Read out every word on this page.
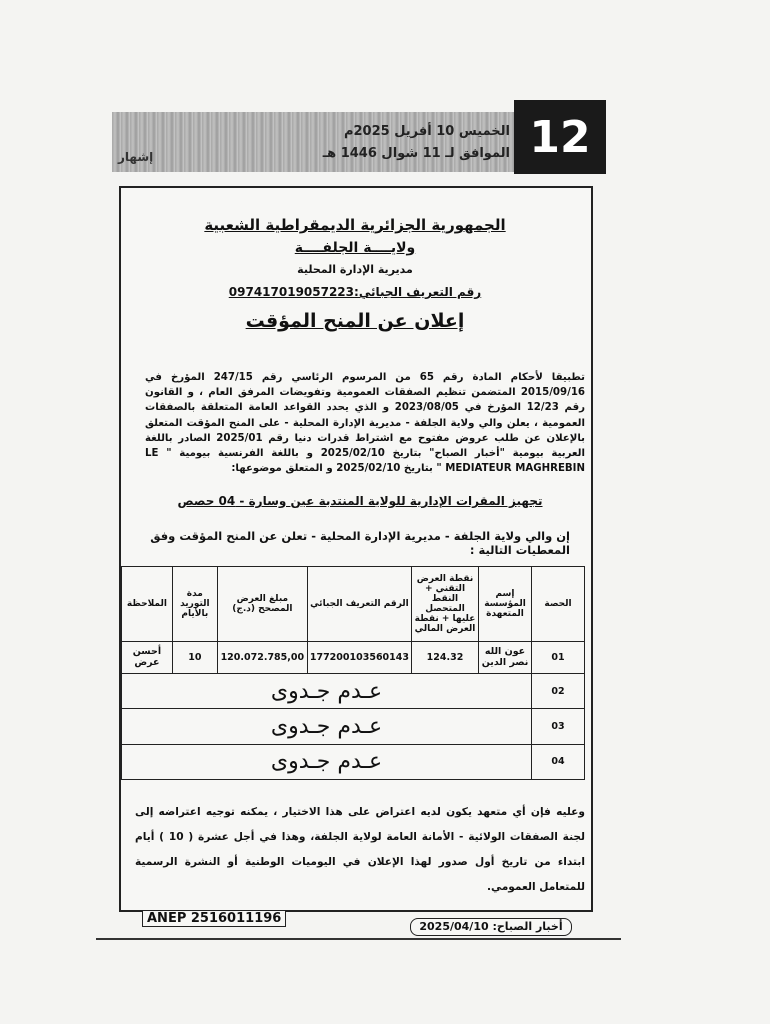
12
الخميس 10 أفريل 2025م
الموافق لـ 11 شوال 1446 هـ
إشهار
الجمهورية الجزائرية الديمقراطية الشعبية
ولايــــة الجلفــــة
مديرية الإدارة المحلية
رقم التعريف الجبائي:097417019057223
إعلان عن المنح المؤقت
تطبيقا لأحكام المادة رقم 65 من المرسوم الرئاسي رقم 247/15 المؤرخ في 2015/09/16 المتضمن تنظيم الصفقات العمومية وتفويضات المرفق العام ، و القانون رقم 12/23 المؤرخ في 2023/08/05 و الذي يحدد القواعد العامة المتعلقة بالصفقات العمومية ، يعلن والي ولاية الجلفة - مديرية الإدارة المحلية - على المنح المؤقت المتعلق بالإعلان عن طلب عروض مفتوح مع اشتراط قدرات دنيا رقم 2025/01 الصادر باللغة العربية بيومية "أخبار الصباح" بتاريخ 2025/02/10 و باللغة الفرنسية بيومية " LE MEDIATEUR MAGHREBIN " بتاريخ 2025/02/10 و المتعلق موضوعها:
تجهيز المقرات الإدارية للولاية المنتدبة عين وسارة - 04 حصص
إن والي ولاية الجلفة - مديرية الإدارة المحلية - تعلن عن المنح المؤقت وفق المعطيات التالية :
الحصة	إسم المؤسسة المتعهدة	نقطة العرض التقني + النقط المتحصل عليها + نقطة العرض المالي	الرقم التعريف الجبائي	مبلغ العرض المصحح (د.ج)	مدة التوريد بالأيام	الملاحظة
01	عون الله نصر الدين	124.32	177200103560143	120.072.785,00	10	أحسن عرض
02	عـدم جـدوى					
03	عـدم جـدوى					
04	عـدم جـدوى					
وعليه فإن أي متعهد يكون لديه اعتراض على هذا الاختيار ، يمكنه توجيه اعتراضه إلى لجنة الصفقات الولائية - الأمانة العامة لولاية الجلفة، وهذا في أجل عشرة ( 10 ) أيام ابتداء من تاريخ أول صدور لهذا الإعلان في اليوميات الوطنية أو النشرة الرسمية للمتعامل العمومي.
ANEP 2516011196
أخبار الصباح: 2025/04/10
